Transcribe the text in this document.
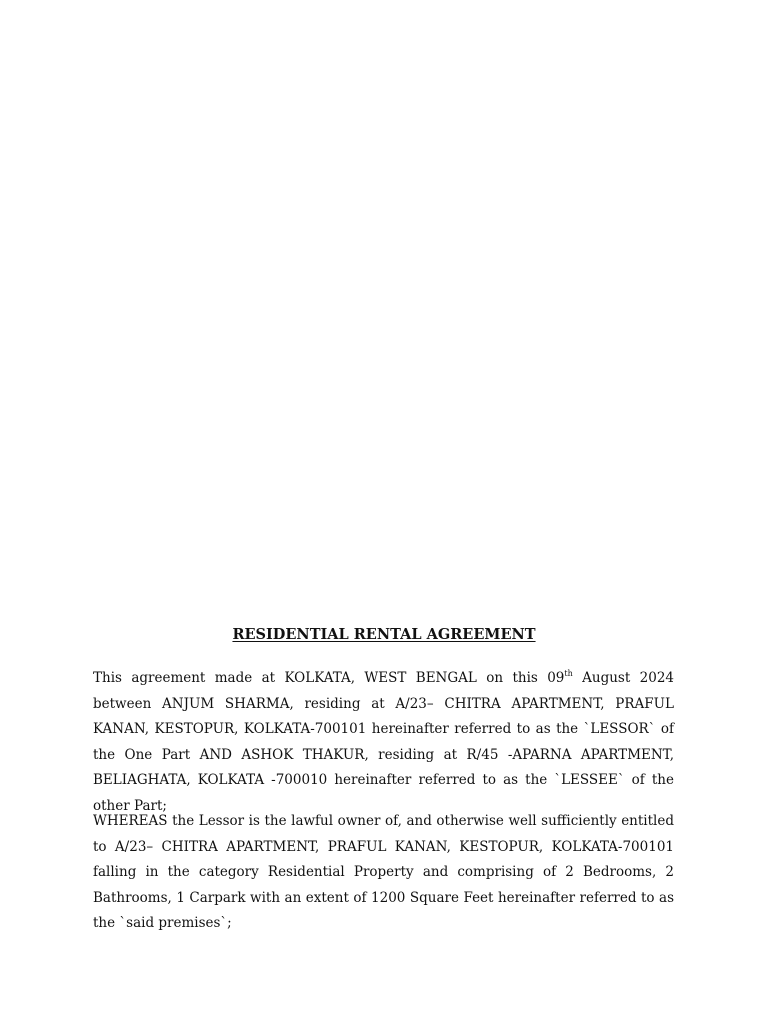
RESIDENTIAL RENTAL AGREEMENT

This agreement made at KOLKATA, WEST BENGAL on this 09th August 2024 between ANJUM SHARMA, residing at A/23– CHITRA APARTMENT, PRAFUL KANAN, KESTOPUR, KOLKATA-700101 hereinafter referred to as the `LESSOR` of the One Part AND ASHOK THAKUR, residing at R/45 -APARNA APARTMENT, BELIAGHATA, KOLKATA -700010 hereinafter referred to as the `LESSEE` of the other Part;

WHEREAS the Lessor is the lawful owner of, and otherwise well sufficiently entitled to A/23– CHITRA APARTMENT, PRAFUL KANAN, KESTOPUR, KOLKATA-700101 falling in the category Residential Property and comprising of 2 Bedrooms, 2 Bathrooms, 1 Carpark with an extent of 1200 Square Feet hereinafter referred to as the `said premises`;
